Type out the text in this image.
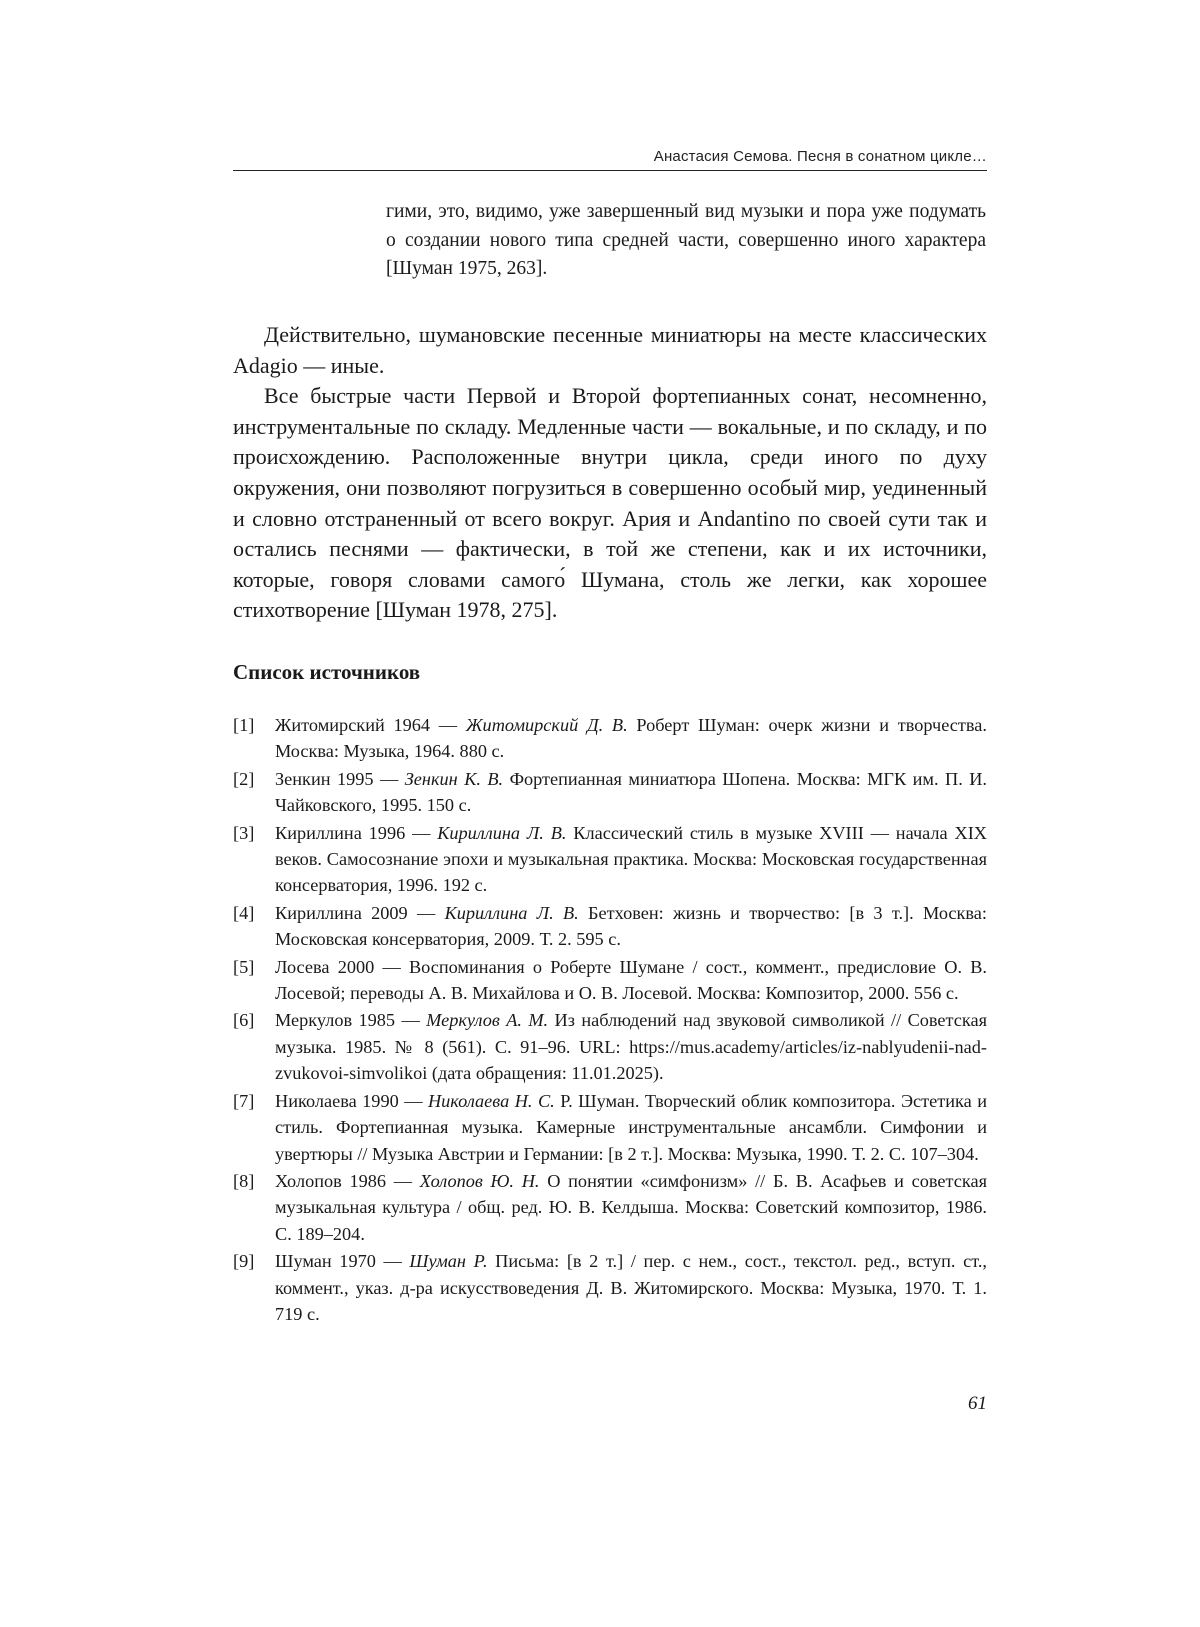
Анастасия Семова. Песня в сонатном цикле…

гими, это, видимо, уже завершенный вид музыки и пора уже подумать о создании нового типа средней части, совершенно иного характера [Шуман 1975, 263].

Действительно, шумановские песенные миниатюры на месте классических Adagio — иные.

Все быстрые части Первой и Второй фортепианных сонат, несомненно, инструментальные по складу. Медленные части — вокальные, и по складу, и по происхождению. Расположенные внутри цикла, среди иного по духу окружения, они позволяют погрузиться в совершенно особый мир, уединенный и словно отстраненный от всего вокруг. Ария и Andantino по своей сути так и остались песнями — фактически, в той же степени, как и их источники, которые, говоря словами самого́ Шумана, столь же легки, как хорошее стихотворение [Шуман 1978, 275].

Список источников
[1] Житомирский 1964 — Житомирский Д. В. Роберт Шуман: очерк жизни и творчества. Москва: Музыка, 1964. 880 с.
[2] Зенкин 1995 — Зенкин К. В. Фортепианная миниатюра Шопена. Москва: МГК им. П. И. Чайковского, 1995. 150 с.
[3] Кириллина 1996 — Кириллина Л. В. Классический стиль в музыке XVIII — начала XIX веков. Самосознание эпохи и музыкальная практика. Москва: Московская государственная консерватория, 1996. 192 с.
[4] Кириллина 2009 — Кириллина Л. В. Бетховен: жизнь и творчество: [в 3 т.]. Москва: Московская консерватория, 2009. Т. 2. 595 с.
[5] Лосева 2000 — Воспоминания о Роберте Шумане / сост., коммент., предисловие О. В. Лосевой; переводы А. В. Михайлова и О. В. Лосевой. Москва: Композитор, 2000. 556 с.
[6] Меркулов 1985 — Меркулов А. М. Из наблюдений над звуковой символикой // Советская музыка. 1985. № 8 (561). С. 91–96. URL: https://mus.academy/articles/iz-nablyudenii-nad-zvukovoi-simvolikoi (дата обращения: 11.01.2025).
[7] Николаева 1990 — Николаева Н. С. Р. Шуман. Творческий облик композитора. Эстетика и стиль. Фортепианная музыка. Камерные инструментальные ансамбли. Симфонии и увертюры // Музыка Австрии и Германии: [в 2 т.]. Москва: Музыка, 1990. Т. 2. С. 107–304.
[8] Холопов 1986 — Холопов Ю. Н. О понятии «симфонизм» // Б. В. Асафьев и советская музыкальная культура / общ. ред. Ю. В. Келдыша. Москва: Советский композитор, 1986. С. 189–204.
[9] Шуман 1970 — Шуман Р. Письма: [в 2 т.] / пер. с нем., сост., текстол. ред., вступ. ст., коммент., указ. д-ра искусствоведения Д. В. Житомирского. Москва: Музыка, 1970. Т. 1. 719 с.
61
